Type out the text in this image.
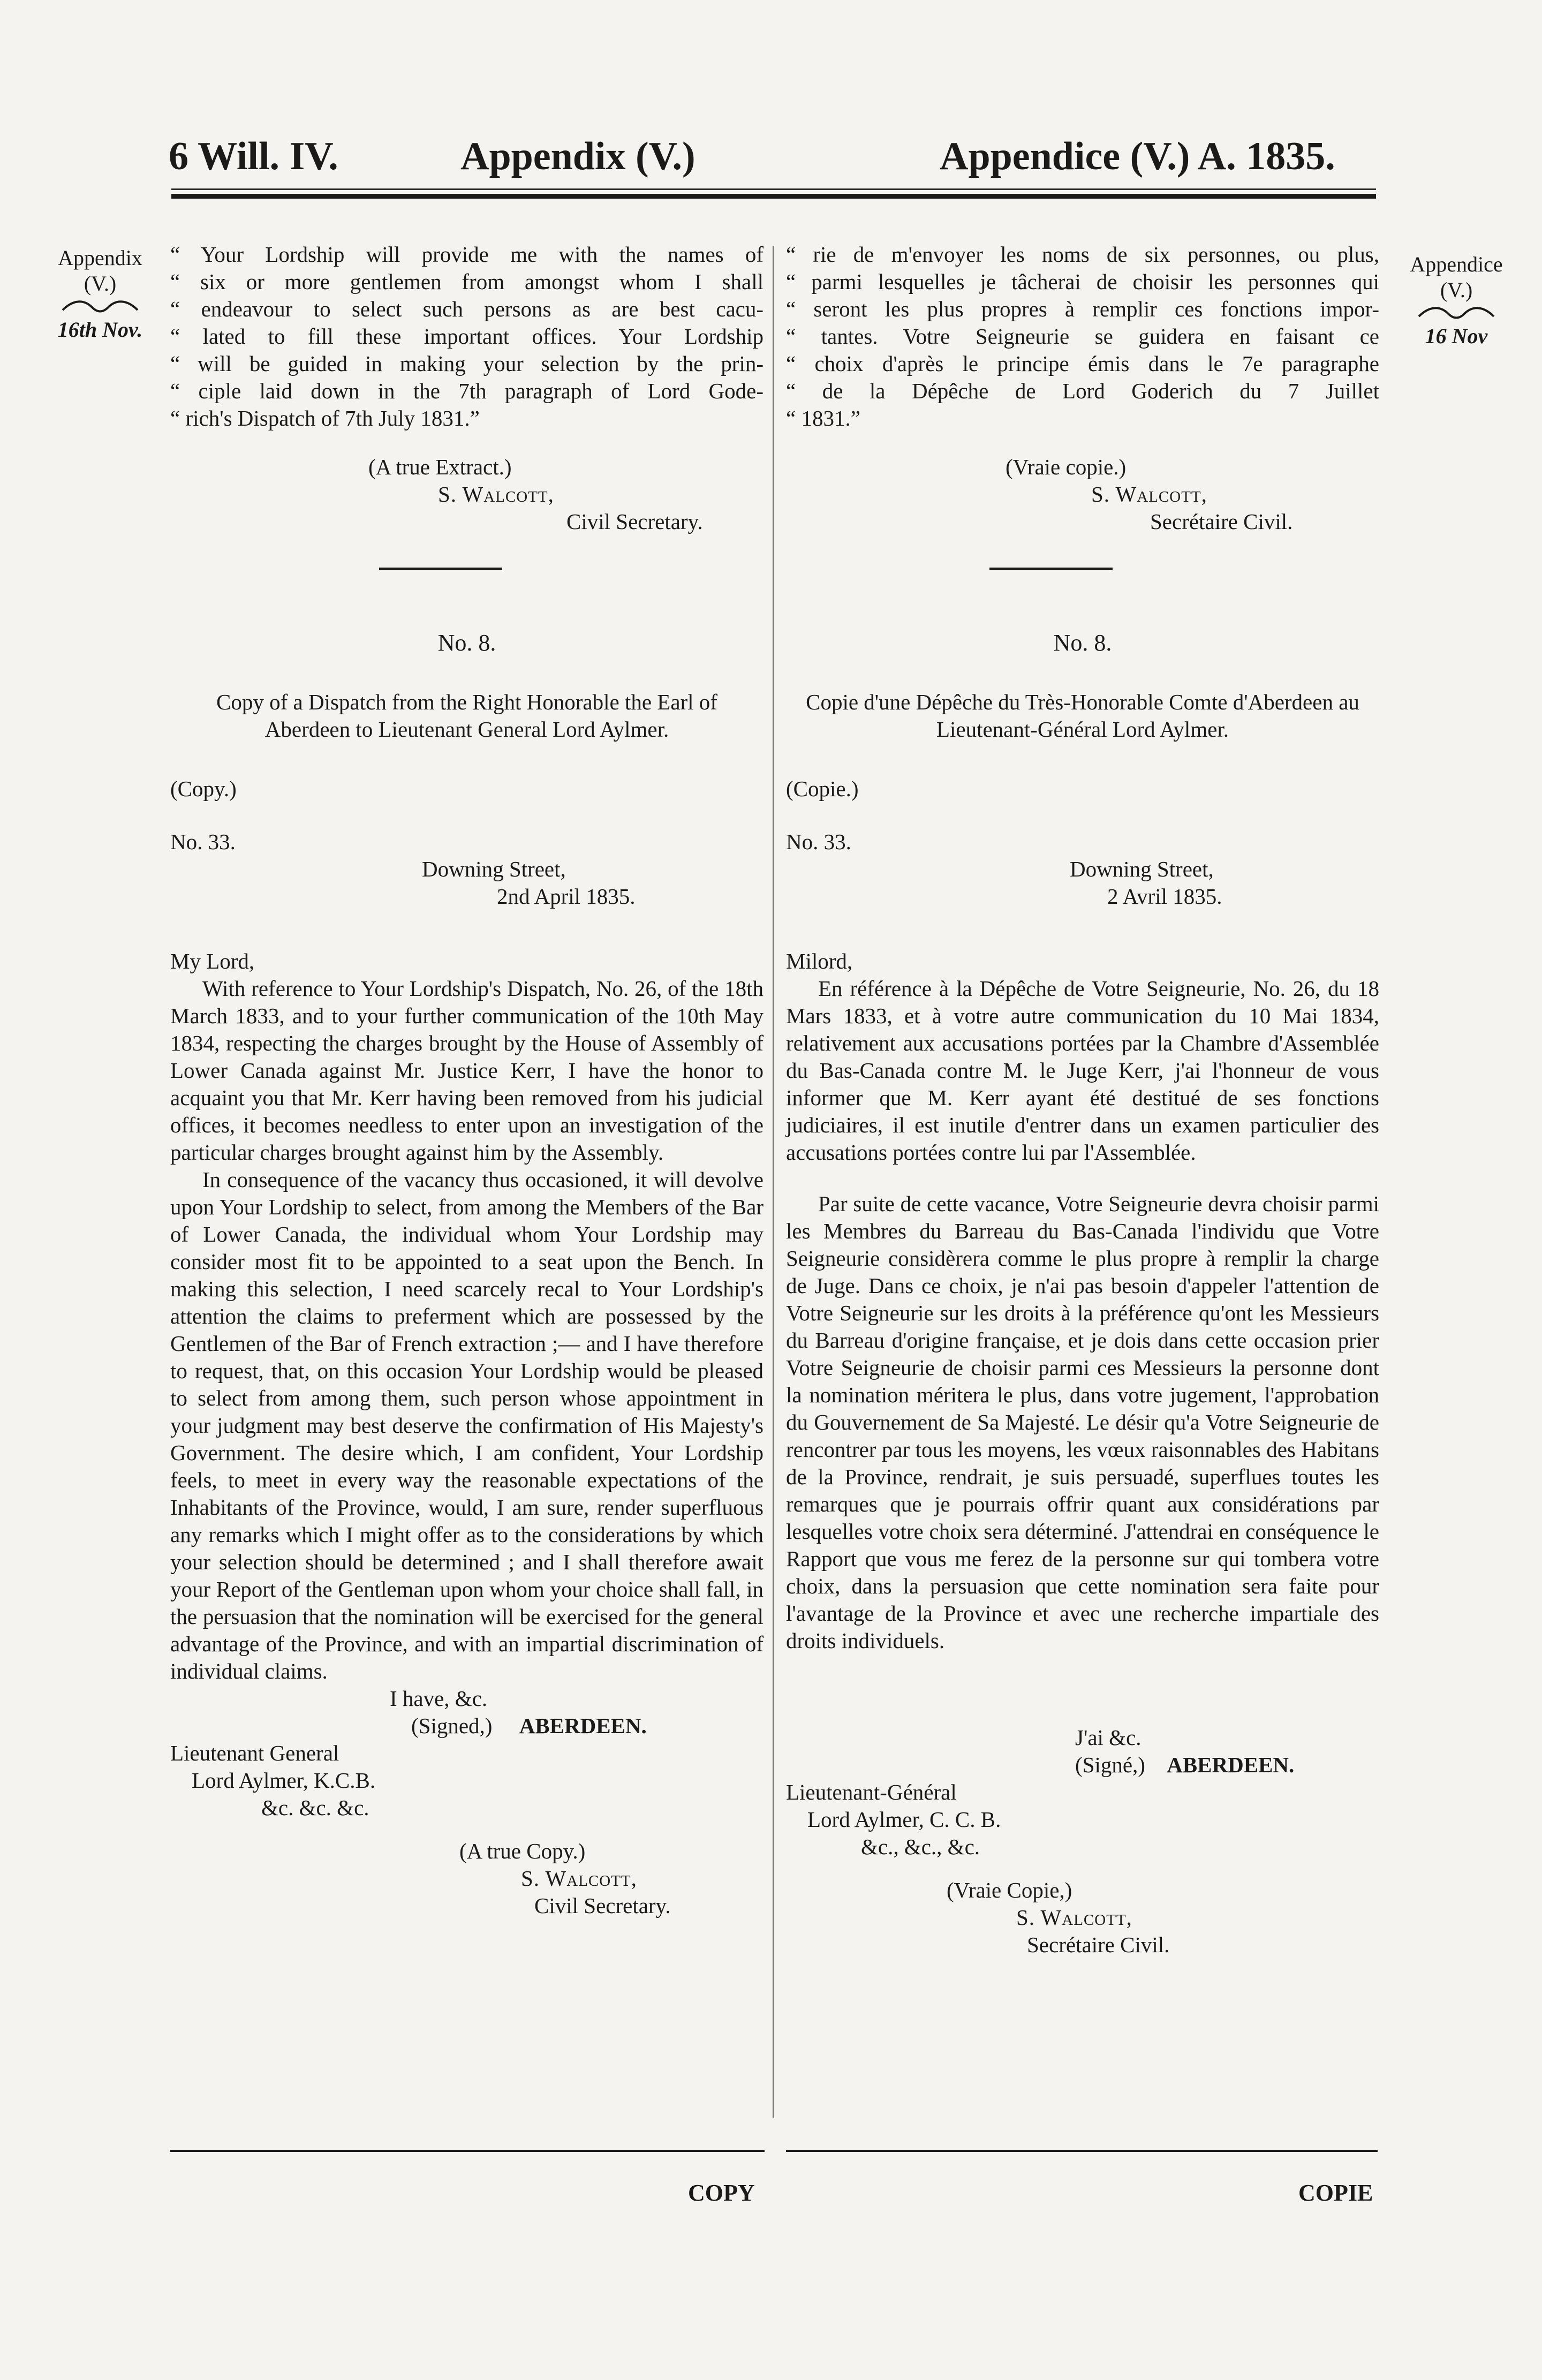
6 Will. IV.	Appendix (V.)	Appendice (V.) A. 1835.
Appendix
(V.)
16th Nov.
Appendice
(V.)
16 Nov
“ Your Lordship will provide me with the names of
“ six or more gentlemen from amongst whom I shall
“ endeavour to select such persons as are best cacu-
“ lated to fill these important offices. Your Lordship
“ will be guided in making your selection by the prin-
“ ciple laid down in the 7th paragraph of Lord Gode-
“ rich's Dispatch of 7th July 1831.”
(A true Extract.)
S. Walcott,
Civil Secretary.
No. 8.
Copy of a Dispatch from the Right Honorable the Earl of Aberdeen to Lieutenant General Lord Aylmer.
(Copy.)
No. 33.
Downing Street,
2nd April 1835.
My Lord,

With reference to Your Lordship's Dispatch, No. 26, of the 18th March 1833, and to your further communication of the 10th May 1834, respecting the charges brought by the House of Assembly of Lower Canada against Mr. Justice Kerr, I have the honor to acquaint you that Mr. Kerr having been removed from his judicial offices, it becomes needless to enter upon an investigation of the particular charges brought against him by the Assembly.

In consequence of the vacancy thus occasioned, it will devolve upon Your Lordship to select, from among the Members of the Bar of Lower Canada, the individual whom Your Lordship may consider most fit to be appointed to a seat upon the Bench. In making this selection, I need scarcely recal to Your Lordship's attention the claims to preferment which are possessed by the Gentlemen of the Bar of French extraction ;— and I have therefore to request, that, on this occasion Your Lordship would be pleased to select from among them, such person whose appointment in your judgment may best deserve the confirmation of His Majesty's Government. The desire which, I am confident, Your Lordship feels, to meet in every way the reasonable expectations of the Inhabitants of the Province, would, I am sure, render superfluous any remarks which I might offer as to the considerations by which your selection should be determined ; and I shall therefore await your Report of the Gentleman upon whom your choice shall fall, in the persuasion that the nomination will be exercised for the general advantage of the Province, and with an impartial discrimination of individual claims.

I have, &c.
(Signed,) ABERDEEN.
Lieutenant General
Lord Aylmer, K.C.B.
&c. &c. &c.
(A true Copy.)
S. Walcott,
Civil Secretary.
“ rie de m'envoyer les noms de six personnes, ou plus,
“ parmi lesquelles je tâcherai de choisir les personnes qui
“ seront les plus propres à remplir ces fonctions impor-
“ tantes. Votre Seigneurie se guidera en faisant ce
“ choix d'après le principe émis dans le 7e paragraphe
“ de la Dépêche de Lord Goderich du 7 Juillet
“ 1831.”
(Vraie copie.)
S. Walcott,
Secrétaire Civil.
No. 8.
Copie d'une Dépêche du Très-Honorable Comte d'Aberdeen au Lieutenant-Général Lord Aylmer.
(Copie.)
No. 33.
Downing Street,
2 Avril 1835.
Milord,

En référence à la Dépêche de Votre Seigneurie, No. 26, du 18 Mars 1833, et à votre autre communication du 10 Mai 1834, relativement aux accusations portées par la Chambre d'Assemblée du Bas-Canada contre M. le Juge Kerr, j'ai l'honneur de vous informer que M. Kerr ayant été destitué de ses fonctions judiciaires, il est inutile d'entrer dans un examen particulier des accusations portées contre lui par l'Assemblée.

Par suite de cette vacance, Votre Seigneurie devra choisir parmi les Membres du Barreau du Bas-Canada l'individu que Votre Seigneurie considèrera comme le plus propre à remplir la charge de Juge. Dans ce choix, je n'ai pas besoin d'appeler l'attention de Votre Seigneurie sur les droits à la préférence qu'ont les Messieurs du Barreau d'origine française, et je dois dans cette occasion prier Votre Seigneurie de choisir parmi ces Messieurs la personne dont la nomination méritera le plus, dans votre jugement, l'approbation du Gouvernement de Sa Majesté. Le désir qu'a Votre Seigneurie de rencontrer par tous les moyens, les vœux raisonnables des Habitans de la Province, rendrait, je suis persuadé, superflues toutes les remarques que je pourrais offrir quant aux considérations par lesquelles votre choix sera déterminé. J'attendrai en conséquence le Rapport que vous me ferez de la personne sur qui tombera votre choix, dans la persuasion que cette nomination sera faite pour l'avantage de la Province et avec une recherche impartiale des droits individuels.

J'ai &c.
(Signé,) ABERDEEN.
Lieutenant-Général
Lord Aylmer, C. C. B.
&c., &c., &c.
(Vraie Copie,)
S. Walcott,
Secrétaire Civil.
COPY	COPIE
